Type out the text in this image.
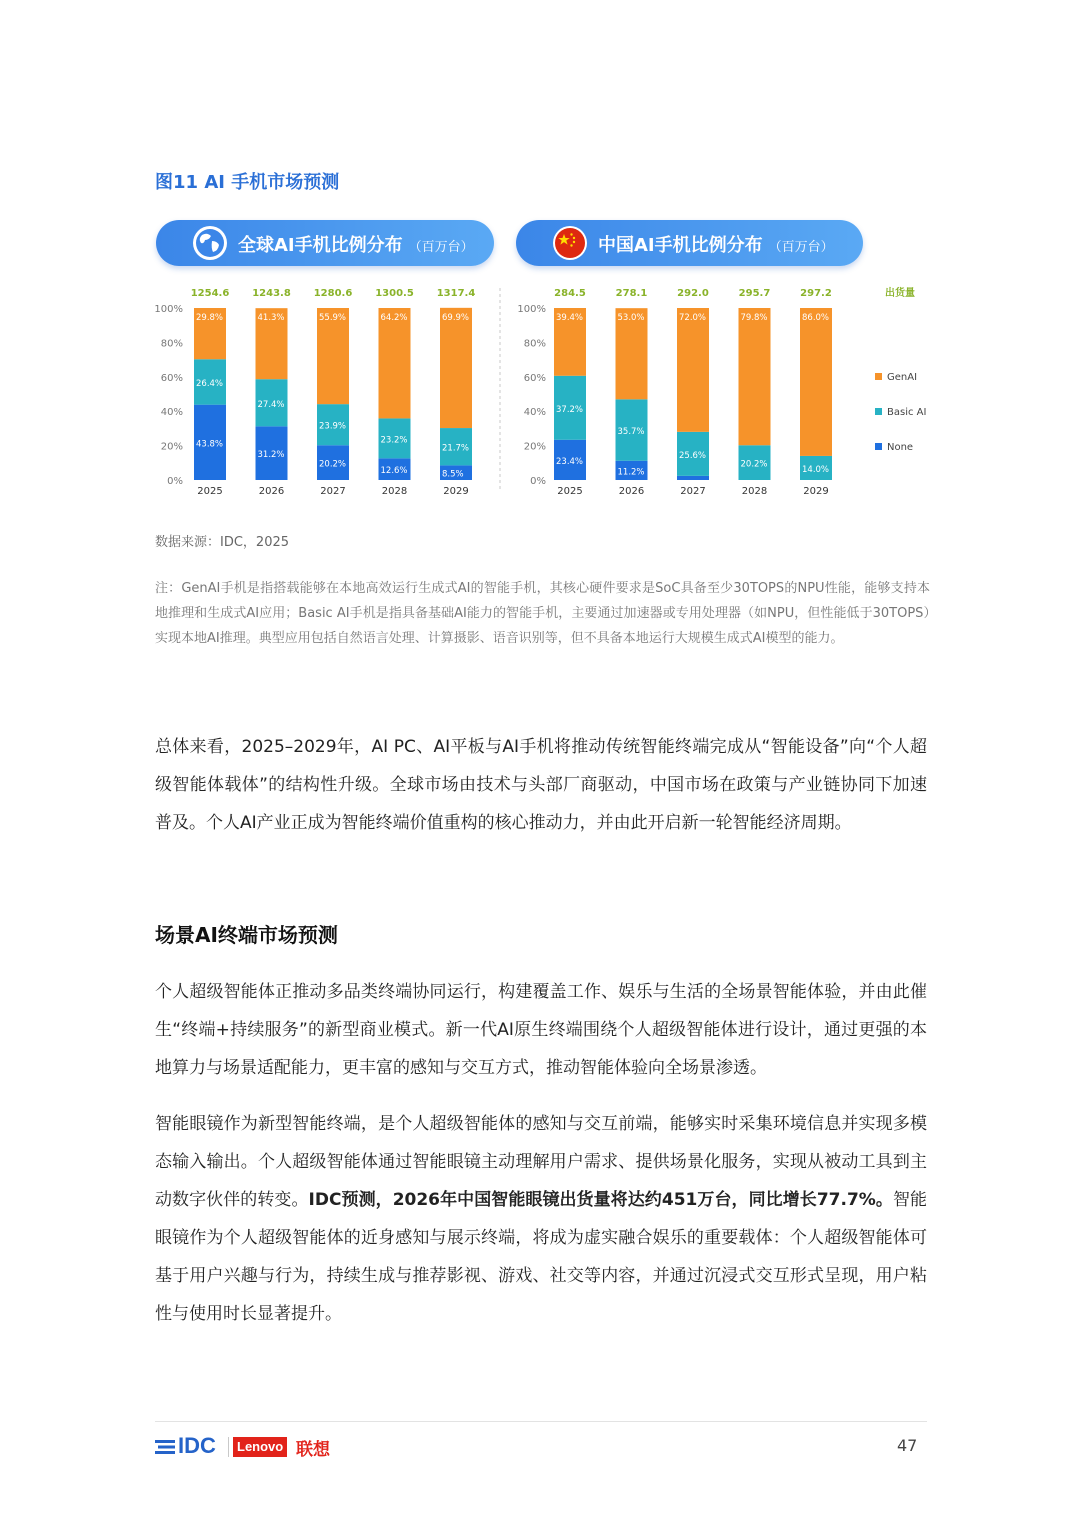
图11 AI 手机市场预测
全球AI手机比例分布 （百万台）	中国AI手机比例分布 （百万台）
0%
20%
40%
60%
80%
100%
43.8%
26.4%
29.8%
1254.6
2025
31.2%
27.4%
41.3%
1243.8
2026
20.2%
23.9%
55.9%
1280.6
2027
12.6%
23.2%
64.2%
1300.5
2028
8.5%
21.7%
69.9%
1317.4
2029
0%
20%
40%
60%
80%
100%
23.4%
37.2%
39.4%
284.5
2025
11.2%
35.7%
53.0%
278.1
2026
25.6%
72.0%
292.0
2027
20.2%
79.8%
295.7
2028
14.0%
86.0%
297.2
2029
出货量
GenAI
Basic AI
None
数据来源：IDC，2025
注：GenAI手机是指搭载能够在本地高效运行生成式AI的智能手机，其核心硬件要求是SoC具备至少30TOPS的NPU性能，能够支持本地推理和生成式AI应用；Basic AI手机是指具备基础AI能力的智能手机，主要通过加速器或专用处理器（如NPU，但性能低于30TOPS）实现本地AI推理。典型应用包括自然语言处理、计算摄影、语音识别等，但不具备本地运行大规模生成式AI模型的能力。
总体来看，2025–2029年，AI PC、AI平板与AI手机将推动传统智能终端完成从“智能设备”向“个人超级智能体载体”的结构性升级。全球市场由技术与头部厂商驱动，中国市场在政策与产业链协同下加速普及。个人AI产业正成为智能终端价值重构的核心推动力，并由此开启新一轮智能经济周期。
场景AI终端市场预测
个人超级智能体正推动多品类终端协同运行，构建覆盖工作、娱乐与生活的全场景智能体验，并由此催生“终端+持续服务”的新型商业模式。新一代AI原生终端围绕个人超级智能体进行设计，通过更强的本地算力与场景适配能力，更丰富的感知与交互方式，推动智能体验向全场景渗透。
智能眼镜作为新型智能终端，是个人超级智能体的感知与交互前端，能够实时采集环境信息并实现多模态输入输出。个人超级智能体通过智能眼镜主动理解用户需求、提供场景化服务，实现从被动工具到主动数字伙伴的转变。IDC预测，2026年中国智能眼镜出货量将达约451万台，同比增长77.7%。智能眼镜作为个人超级智能体的近身感知与展示终端，将成为虚实融合娱乐的重要载体：个人超级智能体可基于用户兴趣与行为，持续生成与推荐影视、游戏、社交等内容，并通过沉浸式交互形式呈现，用户粘性与使用时长显著提升。
IDC	Lenovo 联想	47
